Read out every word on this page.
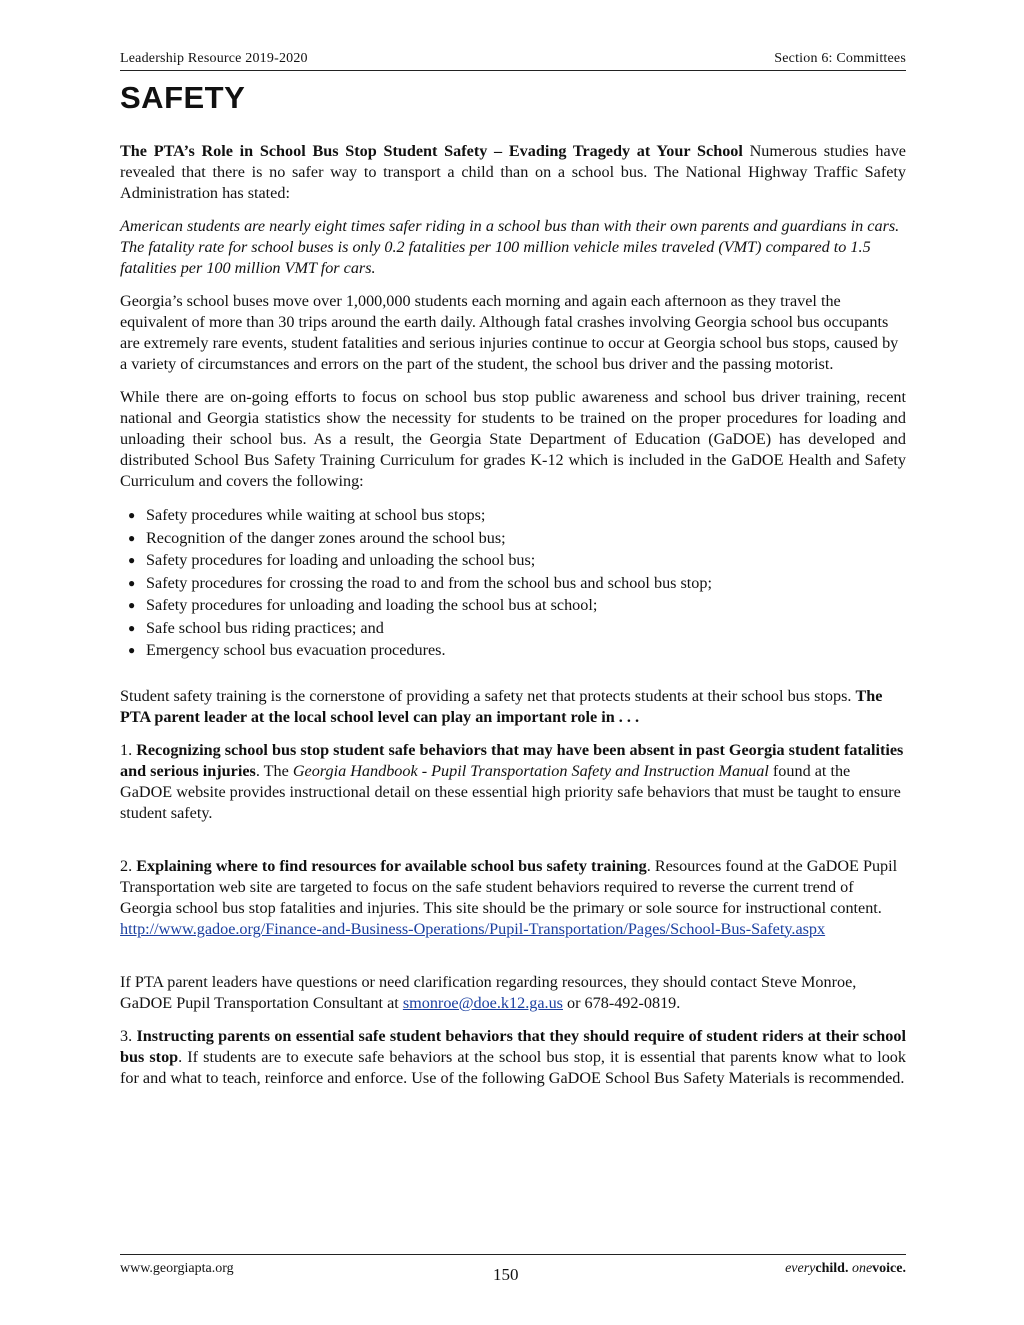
Leadership Resource 2019-2020	Section 6: Committees
SAFETY

The PTA’s Role in School Bus Stop Student Safety – Evading Tragedy at Your School Numerous studies have revealed that there is no safer way to transport a child than on a school bus. The National Highway Traffic Safety Administration has stated:

American students are nearly eight times safer riding in a school bus than with their own parents and guardians in cars. The fatality rate for school buses is only 0.2 fatalities per 100 million vehicle miles traveled (VMT) compared to 1.5 fatalities per 100 million VMT for cars.

Georgia’s school buses move over 1,000,000 students each morning and again each afternoon as they travel the equivalent of more than 30 trips around the earth daily. Although fatal crashes involving Georgia school bus occupants are extremely rare events, student fatalities and serious injuries continue to occur at Georgia school bus stops, caused by a variety of circumstances and errors on the part of the student, the school bus driver and the passing motorist.

While there are on-going efforts to focus on school bus stop public awareness and school bus driver training, recent national and Georgia statistics show the necessity for students to be trained on the proper procedures for loading and unloading their school bus. As a result, the Georgia State Department of Education (GaDOE) has developed and distributed School Bus Safety Training Curriculum for grades K-12 which is included in the GaDOE Health and Safety Curriculum and covers the following:

● Safety procedures while waiting at school bus stops;
● Recognition of the danger zones around the school bus;
● Safety procedures for loading and unloading the school bus;
● Safety procedures for crossing the road to and from the school bus and school bus stop;
● Safety procedures for unloading and loading the school bus at school;
● Safe school bus riding practices; and
● Emergency school bus evacuation procedures.

Student safety training is the cornerstone of providing a safety net that protects students at their school bus stops. The PTA parent leader at the local school level can play an important role in . . .

1. Recognizing school bus stop student safe behaviors that may have been absent in past Georgia student fatalities and serious injuries. The Georgia Handbook - Pupil Transportation Safety and Instruction Manual found at the GaDOE website provides instructional detail on these essential high priority safe behaviors that must be taught to ensure student safety.

2. Explaining where to find resources for available school bus safety training. Resources found at the GaDOE Pupil Transportation web site are targeted to focus on the safe student behaviors required to reverse the current trend of Georgia school bus stop fatalities and injuries. This site should be the primary or sole source for instructional content. http://www.gadoe.org/Finance-and-Business-Operations/Pupil-Transportation/Pages/School-Bus-Safety.aspx

If PTA parent leaders have questions or need clarification regarding resources, they should contact Steve Monroe, GaDOE Pupil Transportation Consultant at smonroe@doe.k12.ga.us or 678-492-0819.

3. Instructing parents on essential safe student behaviors that they should require of student riders at their school bus stop. If students are to execute safe behaviors at the school bus stop, it is essential that parents know what to look for and what to teach, reinforce and enforce. Use of the following GaDOE School Bus Safety Materials is recommended.

www.georgiapta.org	150	everychild. onevoice.
